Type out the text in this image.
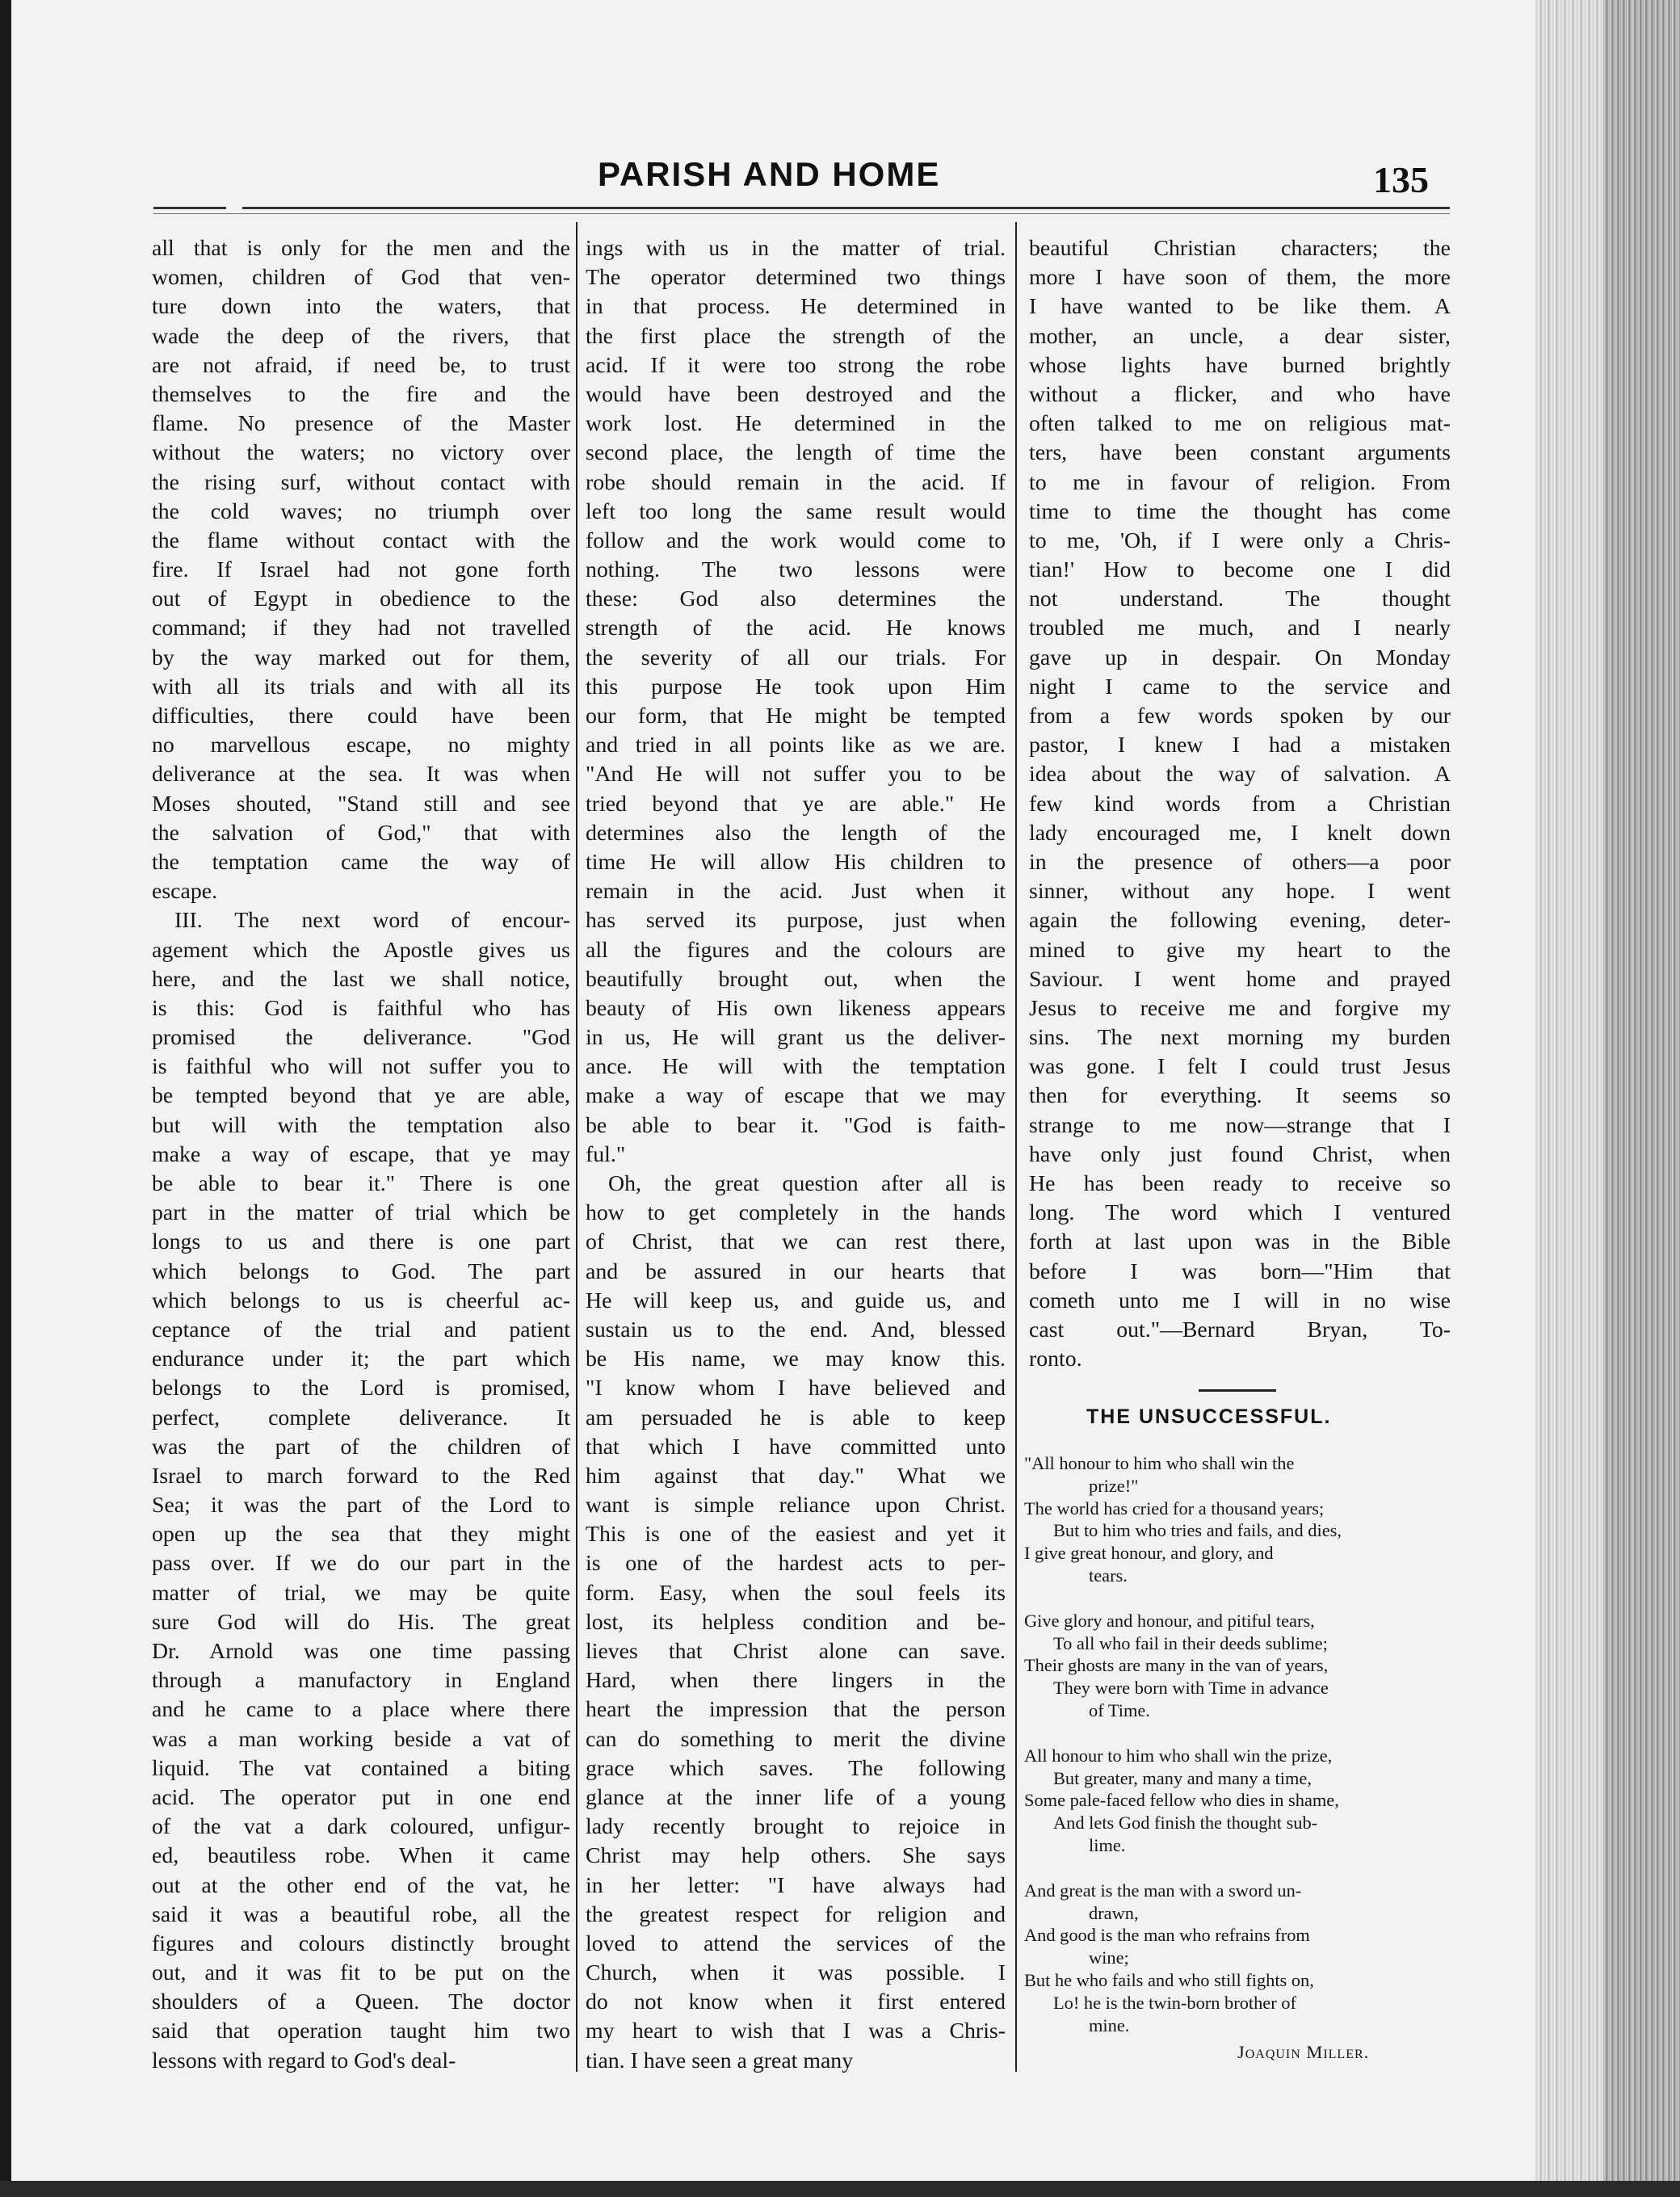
PARISH AND HOME	135
all that is only for the men and the
women, children of God that ven-
ture down into the waters, that
wade the deep of the rivers, that
are not afraid, if need be, to trust
themselves to the fire and the
flame. No presence of the Master
without the waters; no victory over
the rising surf, without contact with
the cold waves; no triumph over
the flame without contact with the
fire. If Israel had not gone forth
out of Egypt in obedience to the
command; if they had not travelled
by the way marked out for them,
with all its trials and with all its
difficulties, there could have been
no marvellous escape, no mighty
deliverance at the sea. It was when
Moses shouted, "Stand still and see
the salvation of God," that with
the temptation came the way of
escape.
III. The next word of encour-
agement which the Apostle gives us
here, and the last we shall notice,
is this: God is faithful who has
promised the deliverance. "God
is faithful who will not suffer you to
be tempted beyond that ye are able,
but will with the temptation also
make a way of escape, that ye may
be able to bear it." There is one
part in the matter of trial which be
longs to us and there is one part
which belongs to God. The part
which belongs to us is cheerful ac-
ceptance of the trial and patient
endurance under it; the part which
belongs to the Lord is promised,
perfect, complete deliverance. It
was the part of the children of
Israel to march forward to the Red
Sea; it was the part of the Lord to
open up the sea that they might
pass over. If we do our part in the
matter of trial, we may be quite
sure God will do His. The great
Dr. Arnold was one time passing
through a manufactory in England
and he came to a place where there
was a man working beside a vat of
liquid. The vat contained a biting
acid. The operator put in one end
of the vat a dark coloured, unfigur-
ed, beautiless robe. When it came
out at the other end of the vat, he
said it was a beautiful robe, all the
figures and colours distinctly brought
out, and it was fit to be put on the
shoulders of a Queen. The doctor
said that operation taught him two
lessons with regard to God's deal-
ings with us in the matter of trial.
The operator determined two things
in that process. He determined in
the first place the strength of the
acid. If it were too strong the robe
would have been destroyed and the
work lost. He determined in the
second place, the length of time the
robe should remain in the acid. If
left too long the same result would
follow and the work would come to
nothing. The two lessons were
these: God also determines the
strength of the acid. He knows
the severity of all our trials. For
this purpose He took upon Him
our form, that He might be tempted
and tried in all points like as we are.
"And He will not suffer you to be
tried beyond that ye are able." He
determines also the length of the
time He will allow His children to
remain in the acid. Just when it
has served its purpose, just when
all the figures and the colours are
beautifully brought out, when the
beauty of His own likeness appears
in us, He will grant us the deliver-
ance. He will with the temptation
make a way of escape that we may
be able to bear it. "God is faith-
ful."
Oh, the great question after all is
how to get completely in the hands
of Christ, that we can rest there,
and be assured in our hearts that
He will keep us, and guide us, and
sustain us to the end. And, blessed
be His name, we may know this.
"I know whom I have believed and
am persuaded he is able to keep
that which I have committed unto
him against that day." What we
want is simple reliance upon Christ.
This is one of the easiest and yet it
is one of the hardest acts to per-
form. Easy, when the soul feels its
lost, its helpless condition and be-
lieves that Christ alone can save.
Hard, when there lingers in the
heart the impression that the person
can do something to merit the divine
grace which saves. The following
glance at the inner life of a young
lady recently brought to rejoice in
Christ may help others. She says
in her letter: "I have always had
the greatest respect for religion and
loved to attend the services of the
Church, when it was possible. I
do not know when it first entered
my heart to wish that I was a Chris-
tian. I have seen a great many
beautiful Christian characters; the
more I have soon of them, the more
I have wanted to be like them. A
mother, an uncle, a dear sister,
whose lights have burned brightly
without a flicker, and who have
often talked to me on religious mat-
ters, have been constant arguments
to me in favour of religion. From
time to time the thought has come
to me, 'Oh, if I were only a Chris-
tian!' How to become one I did
not understand. The thought
troubled me much, and I nearly
gave up in despair. On Monday
night I came to the service and
from a few words spoken by our
pastor, I knew I had a mistaken
idea about the way of salvation. A
few kind words from a Christian
lady encouraged me, I knelt down
in the presence of others—a poor
sinner, without any hope. I went
again the following evening, deter-
mined to give my heart to the
Saviour. I went home and prayed
Jesus to receive me and forgive my
sins. The next morning my burden
was gone. I felt I could trust Jesus
then for everything. It seems so
strange to me now—strange that I
have only just found Christ, when
He has been ready to receive so
long. The word which I ventured
forth at last upon was in the Bible
before I was born—"Him that
cometh unto me I will in no wise
cast out."—Bernard Bryan, To-
ronto.
THE UNSUCCESSFUL.
"All honour to him who shall win the
prize!"
The world has cried for a thousand years;
But to him who tries and fails, and dies,
I give great honour, and glory, and
tears.
Give glory and honour, and pitiful tears,
To all who fail in their deeds sublime;
Their ghosts are many in the van of years,
They were born with Time in advance
of Time.
All honour to him who shall win the prize,
But greater, many and many a time,
Some pale-faced fellow who dies in shame,
And lets God finish the thought sub-
lime.
And great is the man with a sword un-
drawn,
And good is the man who refrains from
wine;
But he who fails and who still fights on,
Lo! he is the twin-born brother of
mine.
Joaquin Miller.
